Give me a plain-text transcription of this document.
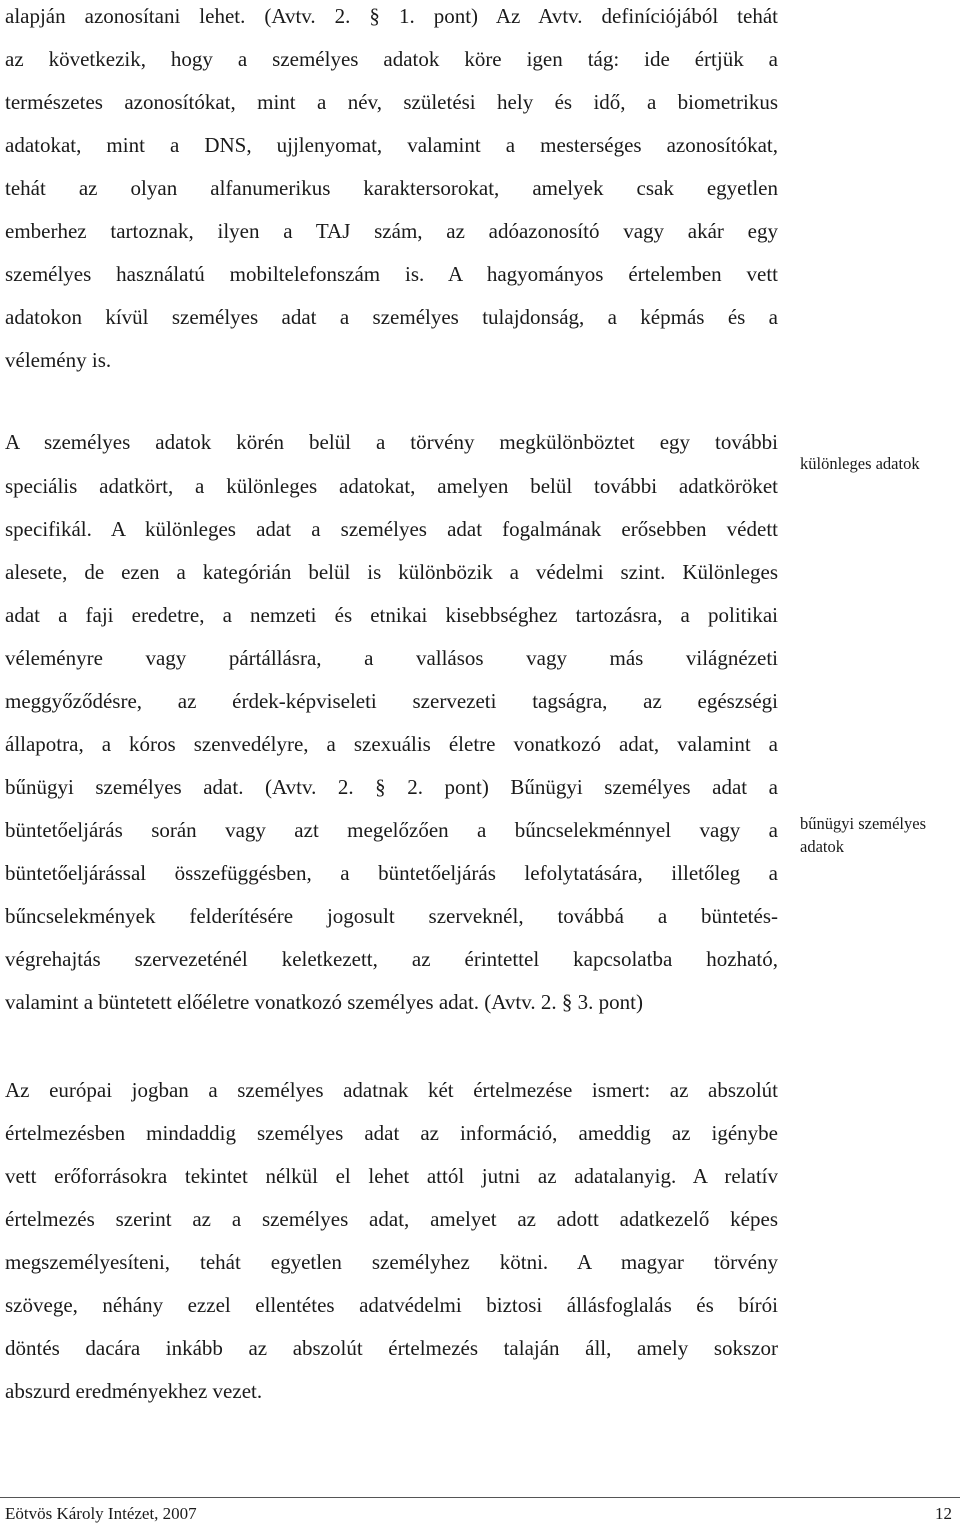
alapján azonosítani lehet. (Avtv. 2. § 1. pont) Az Avtv. definíciójából tehát
az következik, hogy a személyes adatok köre igen tág: ide értjük a
természetes azonosítókat, mint a név, születési hely és idő, a biometrikus
adatokat, mint a DNS, ujjlenyomat, valamint a mesterséges azonosítókat,
tehát az olyan alfanumerikus karaktersorokat, amelyek csak egyetlen
emberhez tartoznak, ilyen a TAJ szám, az adóazonosító vagy akár egy
személyes használatú mobiltelefonszám is. A hagyományos értelemben vett
adatokon kívül személyes adat a személyes tulajdonság, a képmás és a
vélemény is.
A személyes adatok körén belül a törvény megkülönböztet egy további
speciális adatkört, a különleges adatokat, amelyen belül további adatköröket
specifikál. A különleges adat a személyes adat fogalmának erősebben védett
alesete, de ezen a kategórián belül is különbözik a védelmi szint. Különleges
adat a faji eredetre, a nemzeti és etnikai kisebbséghez tartozásra, a politikai
véleményre vagy pártállásra, a vallásos vagy más világnézeti
meggyőződésre, az érdek-képviseleti szervezeti tagságra, az egészségi
állapotra, a kóros szenvedélyre, a szexuális életre vonatkozó adat, valamint a
bűnügyi személyes adat. (Avtv. 2. § 2. pont) Bűnügyi személyes adat a
büntetőeljárás során vagy azt megelőzően a bűncselekménnyel vagy a
büntetőeljárással összefüggésben, a büntetőeljárás lefolytatására, illetőleg a
bűncselekmények felderítésére jogosult szerveknél, továbbá a büntetés-
végrehajtás szervezeténél keletkezett, az érintettel kapcsolatba hozható,
valamint a büntetett előéletre vonatkozó személyes adat. (Avtv. 2. § 3. pont)
különleges adatok
bűnügyi személyes
adatok
Az európai jogban a személyes adatnak két értelmezése ismert: az abszolút
értelmezésben mindaddig személyes adat az információ, ameddig az igénybe
vett erőforrásokra tekintet nélkül el lehet attól jutni az adatalanyig. A relatív
értelmezés szerint az a személyes adat, amelyet az adott adatkezelő képes
megszemélyesíteni, tehát egyetlen személyhez kötni. A magyar törvény
szövege, néhány ezzel ellentétes adatvédelmi biztosi állásfoglalás és bírói
döntés dacára inkább az abszolút értelmezés talaján áll, amely sokszor
abszurd eredményekhez vezet.
Eötvös Károly Intézet, 2007	12
